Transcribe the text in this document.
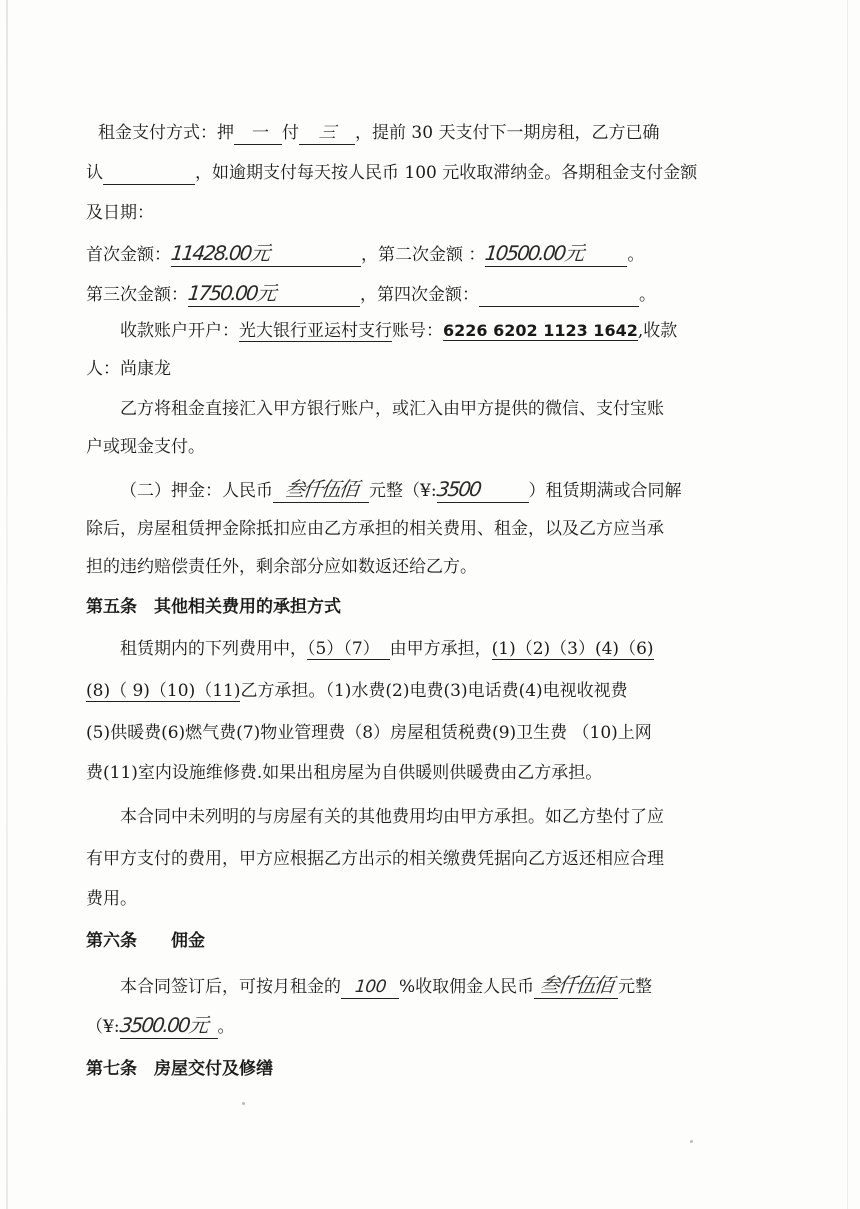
租金支付方式：押 一 付 三 ，提前 30 天支付下一期房租，乙方已确
认	，如逾期支付每天按人民币 100 元收取滞纳金。各期租金支付金额
及日期：
首次金额：11428.00元	，第二次金额 ：10500.00元	。
第三次金额：1750.00元	，第四次金额：	。
收款账户开户：光大银行亚运村支行账号：6226 6202 1123 1642,收款
人：尚康龙
乙方将租金直接汇入甲方银行账户，或汇入由甲方提供的微信、支付宝账
户或现金支付。
（二）押金：人民币 叁仟伍佰 元整（¥:3500	）租赁期满或合同解
除后，房屋租赁押金除抵扣应由乙方承担的相关费用、租金，以及乙方应当承
担的违约赔偿责任外，剩余部分应如数返还给乙方。
第五条　其他相关费用的承担方式
租赁期内的下列费用中，（5）（7） 由甲方承担，(1)（2)（3）(4)（6)
(8)（ 9)（10)（11)乙方承担。（1)水费(2)电费(3)电话费(4)电视收视费
(5)供暖费(6)燃气费(7)物业管理费（8）房屋租赁税费(9)卫生费 （10)上网
费(11)室内设施维修费.如果出租房屋为自供暖则供暖费由乙方承担。
本合同中未列明的与房屋有关的其他费用均由甲方承担。如乙方垫付了应
有甲方支付的费用，甲方应根据乙方出示的相关缴费凭据向乙方返还相应合理
费用。
第六条　　佣金
本合同签订后，可按月租金的 100 %收取佣金人民币 叁仟伍佰 元整
（¥:3500.00元 。
第七条　房屋交付及修缮
